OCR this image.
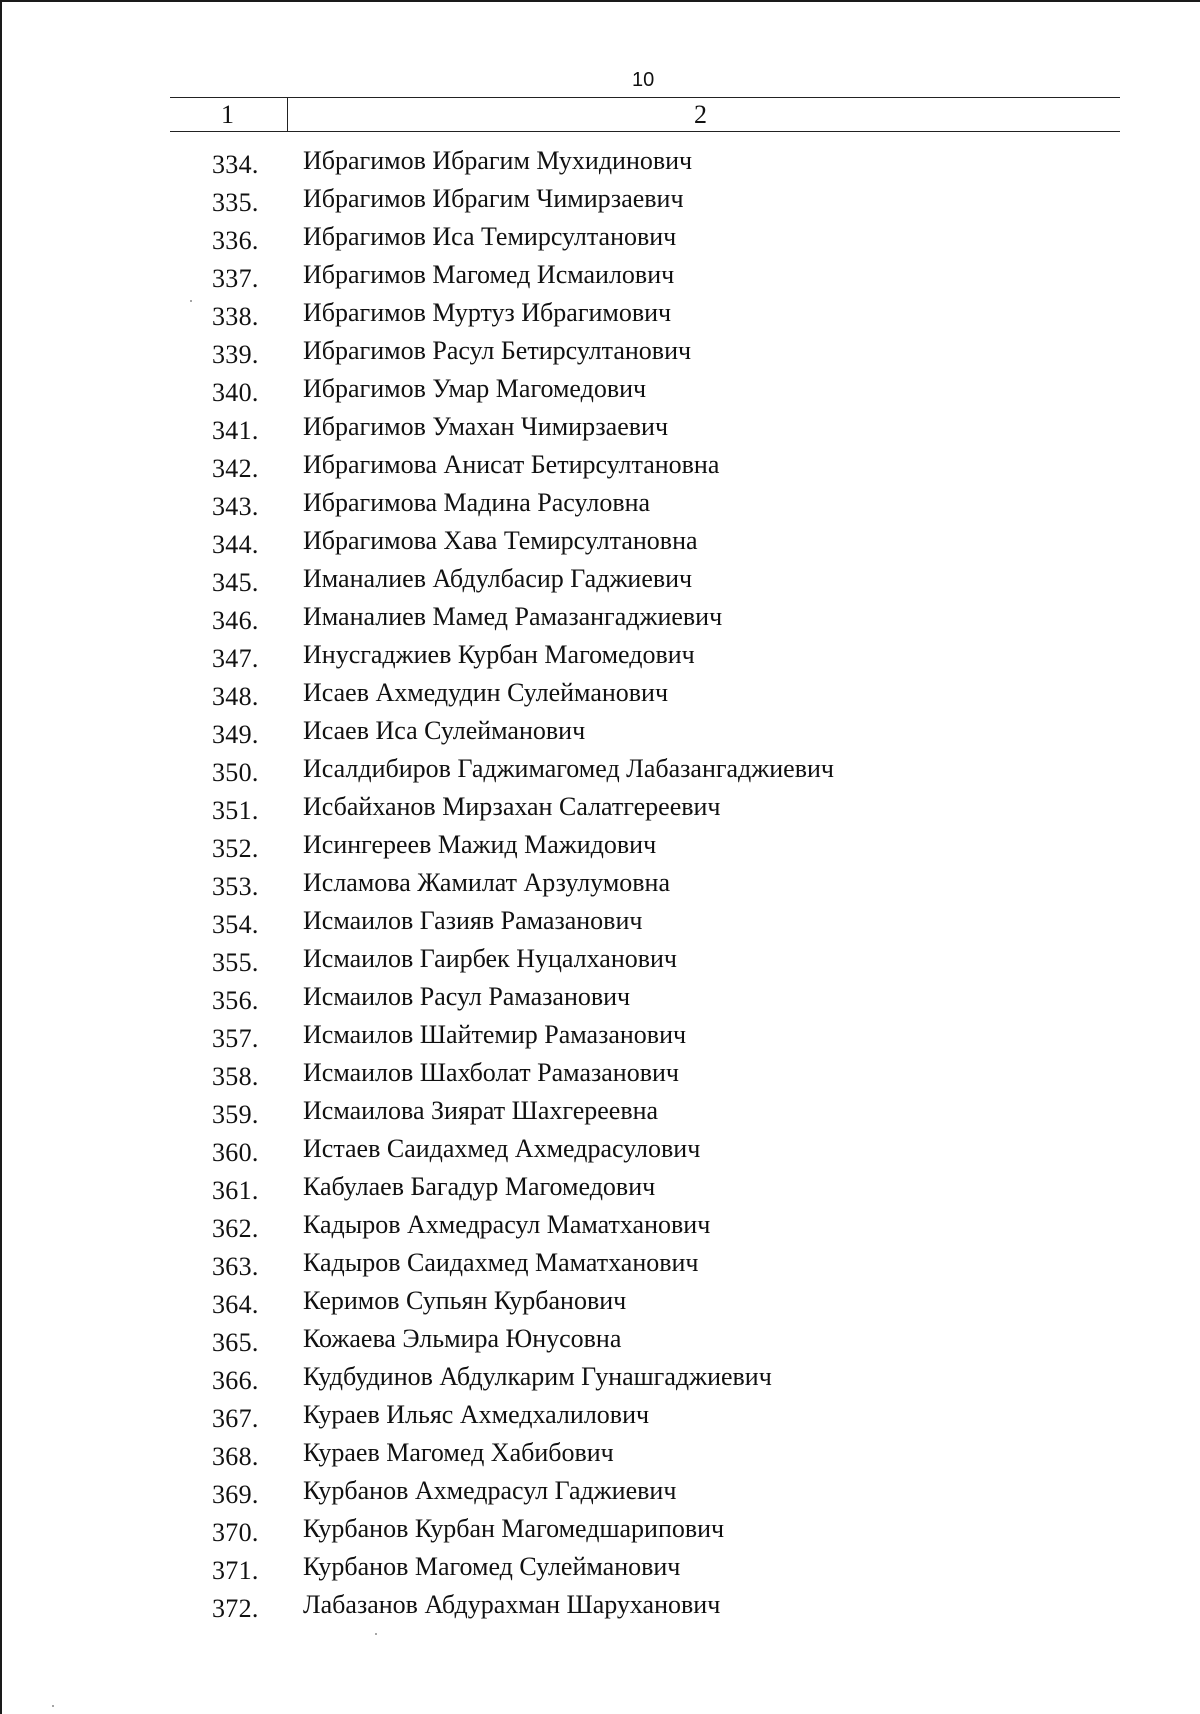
10
1	2
334. Ибрагимов Ибрагим Мухидинович
335. Ибрагимов Ибрагим Чимирзаевич
336. Ибрагимов Иса Темирсултанович
337. Ибрагимов Магомед Исмаилович
338. Ибрагимов Муртуз Ибрагимович
339. Ибрагимов Расул Бетирсултанович
340. Ибрагимов Умар Магомедович
341. Ибрагимов Умахан Чимирзаевич
342. Ибрагимова Анисат Бетирсултановна
343. Ибрагимова Мадина Расуловна
344. Ибрагимова Хава Темирсултановна
345. Иманалиев Абдулбасир Гаджиевич
346. Иманалиев Мамед Рамазангаджиевич
347. Инусгаджиев Курбан Магомедович
348. Исаев Ахмедудин Сулейманович
349. Исаев Иса Сулейманович
350. Исалдибиров Гаджимагомед Лабазангаджиевич
351. Исбайханов Мирзахан Салатгереевич
352. Исингереев Мажид Мажидович
353. Исламова Жамилат Арзулумовна
354. Исмаилов Газияв Рамазанович
355. Исмаилов Гаирбек Нуцалханович
356. Исмаилов Расул Рамазанович
357. Исмаилов Шайтемир Рамазанович
358. Исмаилов Шахболат Рамазанович
359. Исмаилова Зиярат Шахгереевна
360. Истаев Саидахмед Ахмедрасулович
361. Кабулаев Багадур Магомедович
362. Кадыров Ахмедрасул Маматханович
363. Кадыров Саидахмед Маматханович
364. Керимов Супьян Курбанович
365. Кожаева Эльмира Юнусовна
366. Кудбудинов Абдулкарим Гунашгаджиевич
367. Кураев Ильяс Ахмедхалилович
368. Кураев Магомед Хабибович
369. Курбанов Ахмедрасул Гаджиевич
370. Курбанов Курбан Магомедшарипович
371. Курбанов Магомед Сулейманович
372. Лабазанов Абдурахман Шаруханович
